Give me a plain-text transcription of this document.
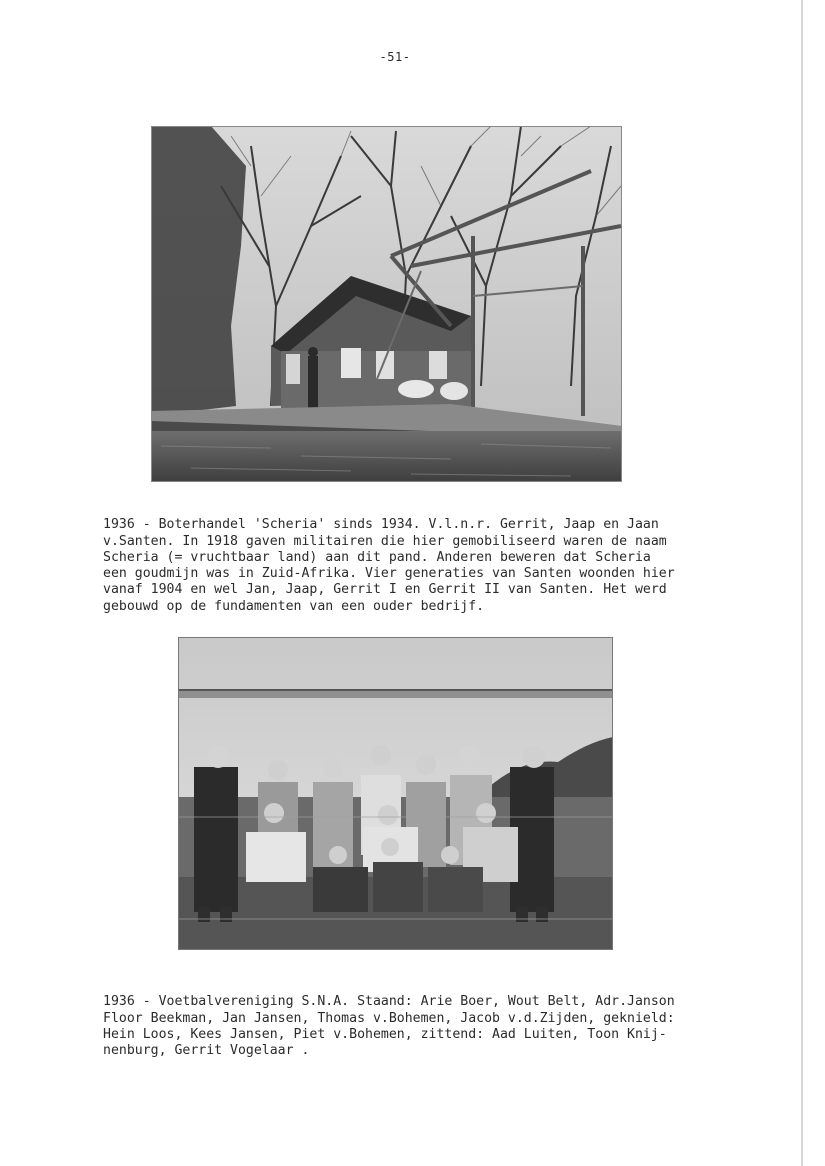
-51-

1936 - Boterhandel 'Scheria' sinds 1934. V.l.n.r. Gerrit, Jaap en Jaan
v.Santen. In 1918 gaven militairen die hier gemobiliseerd waren de naam
Scheria (= vruchtbaar land) aan dit pand. Anderen beweren dat Scheria
een goudmijn was in Zuid-Afrika. Vier generaties van Santen woonden hier
vanaf 1904 en wel Jan, Jaap, Gerrit I en Gerrit II van Santen. Het werd
gebouwd op de fundamenten van een ouder bedrijf.

1936 - Voetbalvereniging S.N.A. Staand: Arie Boer, Wout Belt, Adr.Janson
Floor Beekman, Jan Jansen, Thomas v.Bohemen, Jacob v.d.Zijden, geknield:
Hein Loos, Kees Jansen, Piet v.Bohemen, zittend: Aad Luiten, Toon Knij-
nenburg, Gerrit Vogelaar .
